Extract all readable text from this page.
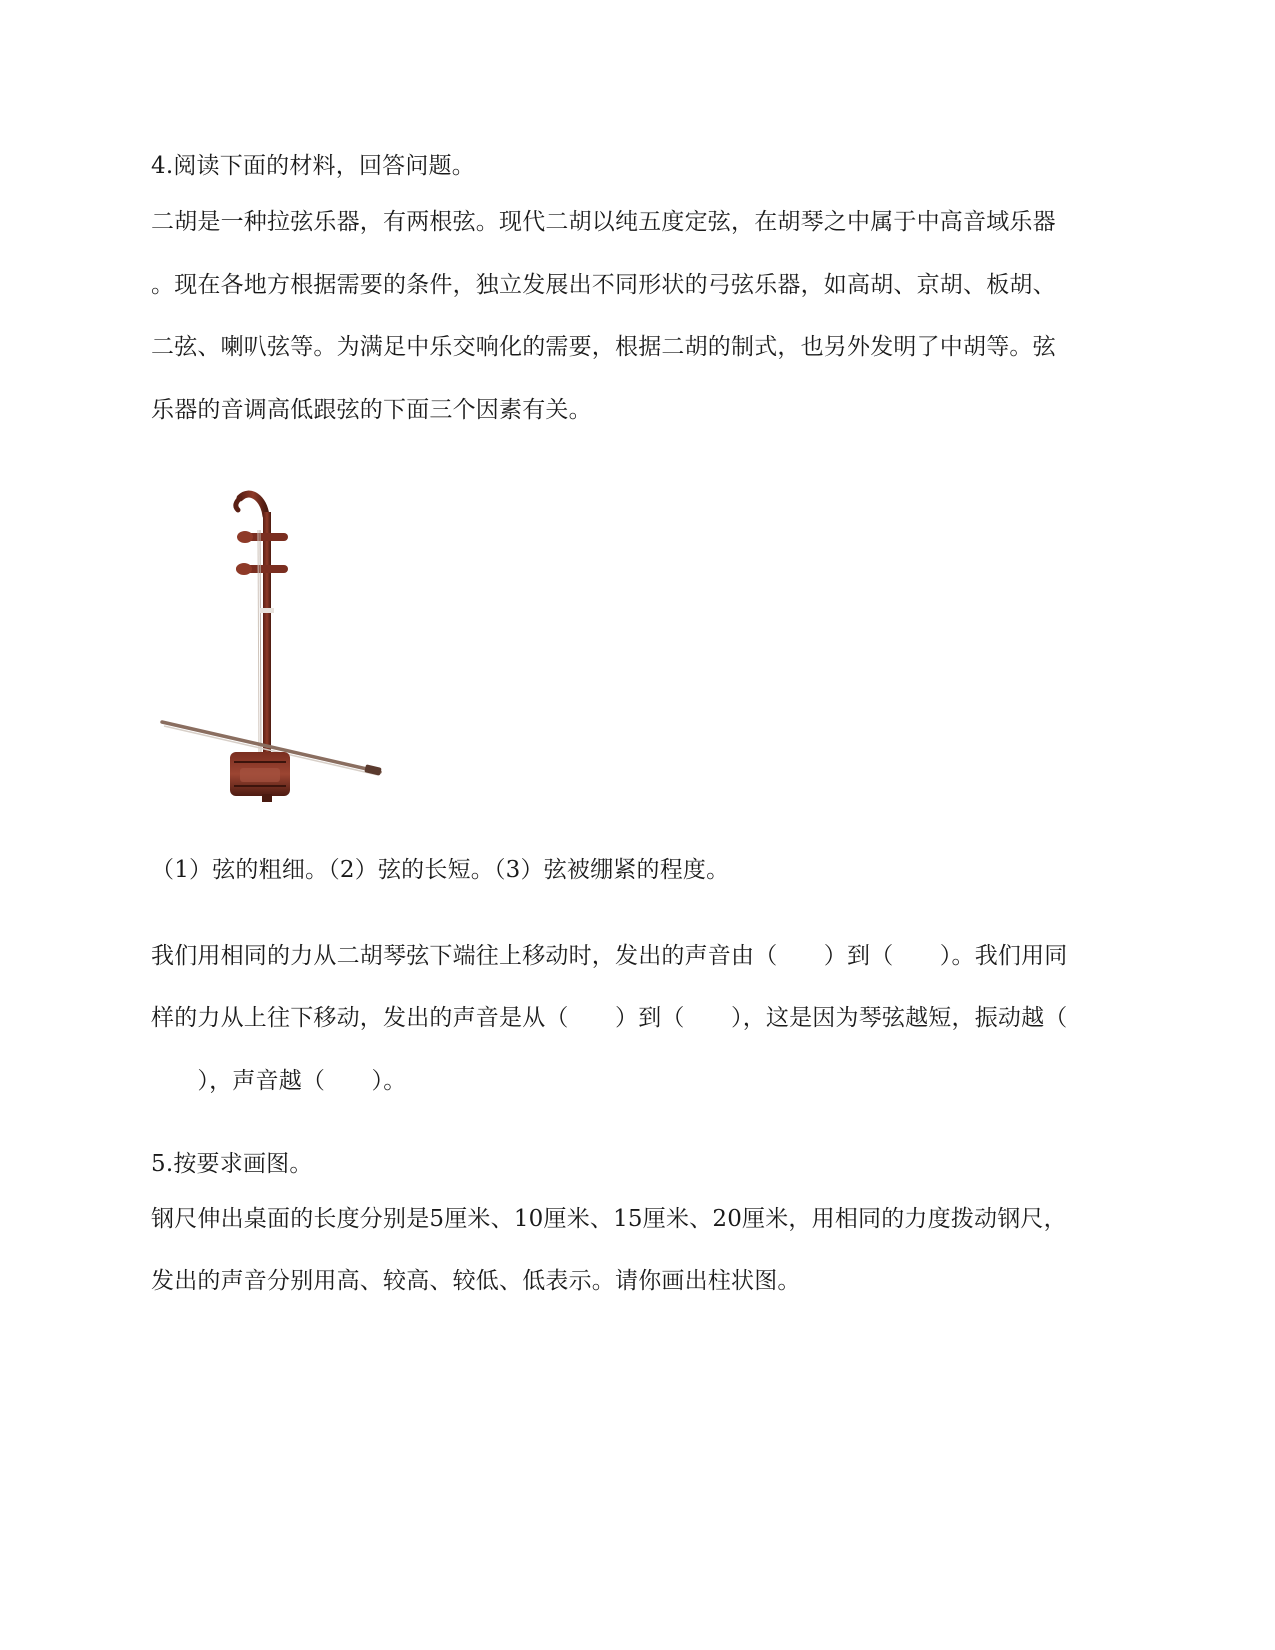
4.阅读下面的材料，回答问题。
二胡是一种拉弦乐器，有两根弦。现代二胡以纯五度定弦，在胡琴之中属于中高音域乐器
。现在各地方根据需要的条件，独立发展出不同形状的弓弦乐器，如高胡、京胡、板胡、
二弦、喇叭弦等。为满足中乐交响化的需要，根据二胡的制式，也另外发明了中胡等。弦
乐器的音调高低跟弦的下面三个因素有关。
（1）弦的粗细。（2）弦的长短。（3）弦被绷紧的程度。
我们用相同的力从二胡琴弦下端往上移动时，发出的声音由（　　）到（　　）。我们用同
样的力从上往下移动，发出的声音是从（　　）到（　　），这是因为琴弦越短，振动越（
　　），声音越（　　）。
5.按要求画图。
钢尺伸出桌面的长度分别是5厘米、10厘米、15厘米、20厘米，用相同的力度拨动钢尺，
发出的声音分别用高、较高、较低、低表示。请你画出柱状图。
